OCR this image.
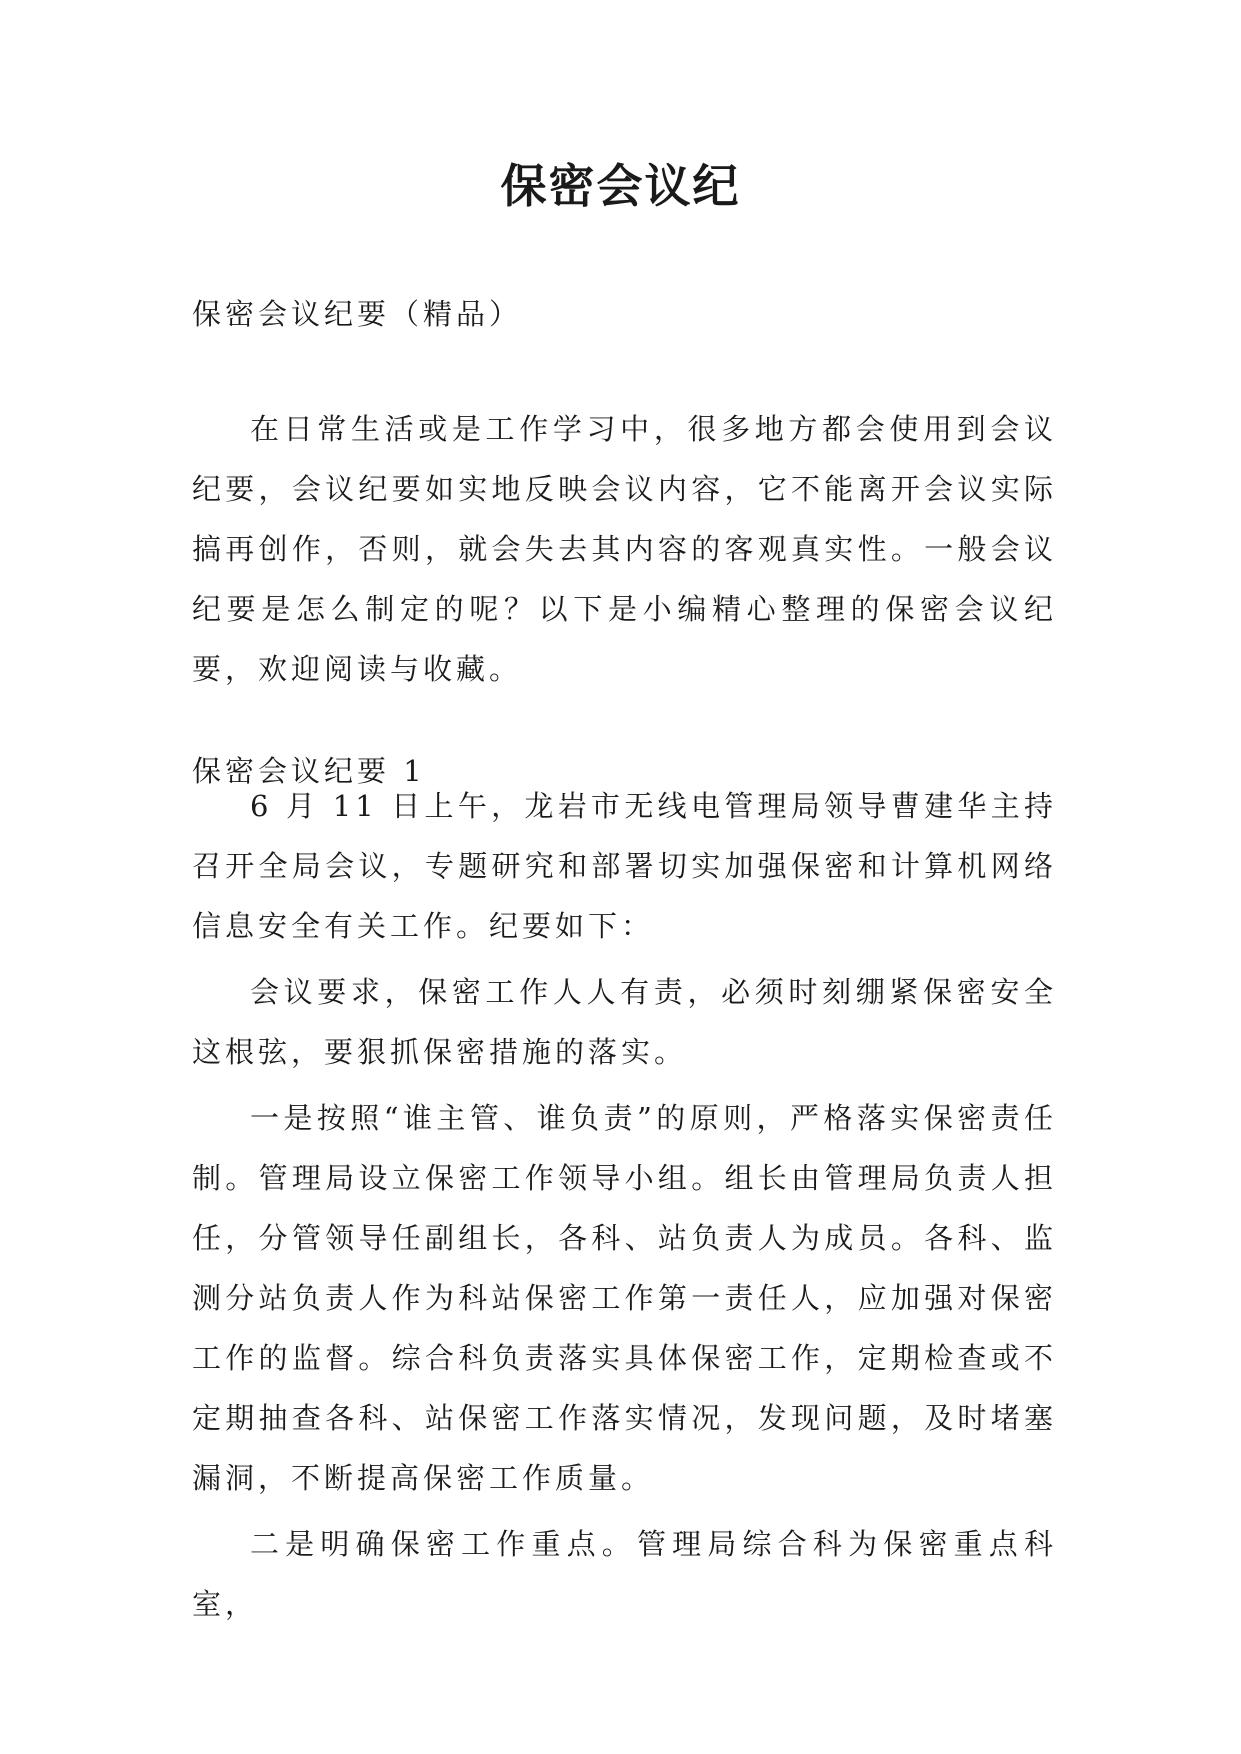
保密会议纪
保密会议纪要（精品）

在日常生活或是工作学习中，很多地方都会使用到会议纪要，会议纪要如实地反映会议内容，它不能离开会议实际搞再创作，否则，就会失去其内容的客观真实性。一般会议纪要是怎么制定的呢？以下是小编精心整理的保密会议纪要，欢迎阅读与收藏。

保密会议纪要 1

6 月 11 日上午，龙岩市无线电管理局领导曹建华主持召开全局会议，专题研究和部署切实加强保密和计算机网络信息安全有关工作。纪要如下：

会议要求，保密工作人人有责，必须时刻绷紧保密安全这根弦，要狠抓保密措施的落实。

一是按照“谁主管、谁负责”的原则，严格落实保密责任制。管理局设立保密工作领导小组。组长由管理局负责人担任，分管领导任副组长，各科、站负责人为成员。各科、监测分站负责人作为科站保密工作第一责任人，应加强对保密工作的监督。综合科负责落实具体保密工作，定期检查或不定期抽查各科、站保密工作落实情况，发现问题，及时堵塞漏洞，不断提高保密工作质量。

二是明确保密工作重点。管理局综合科为保密重点科室，
